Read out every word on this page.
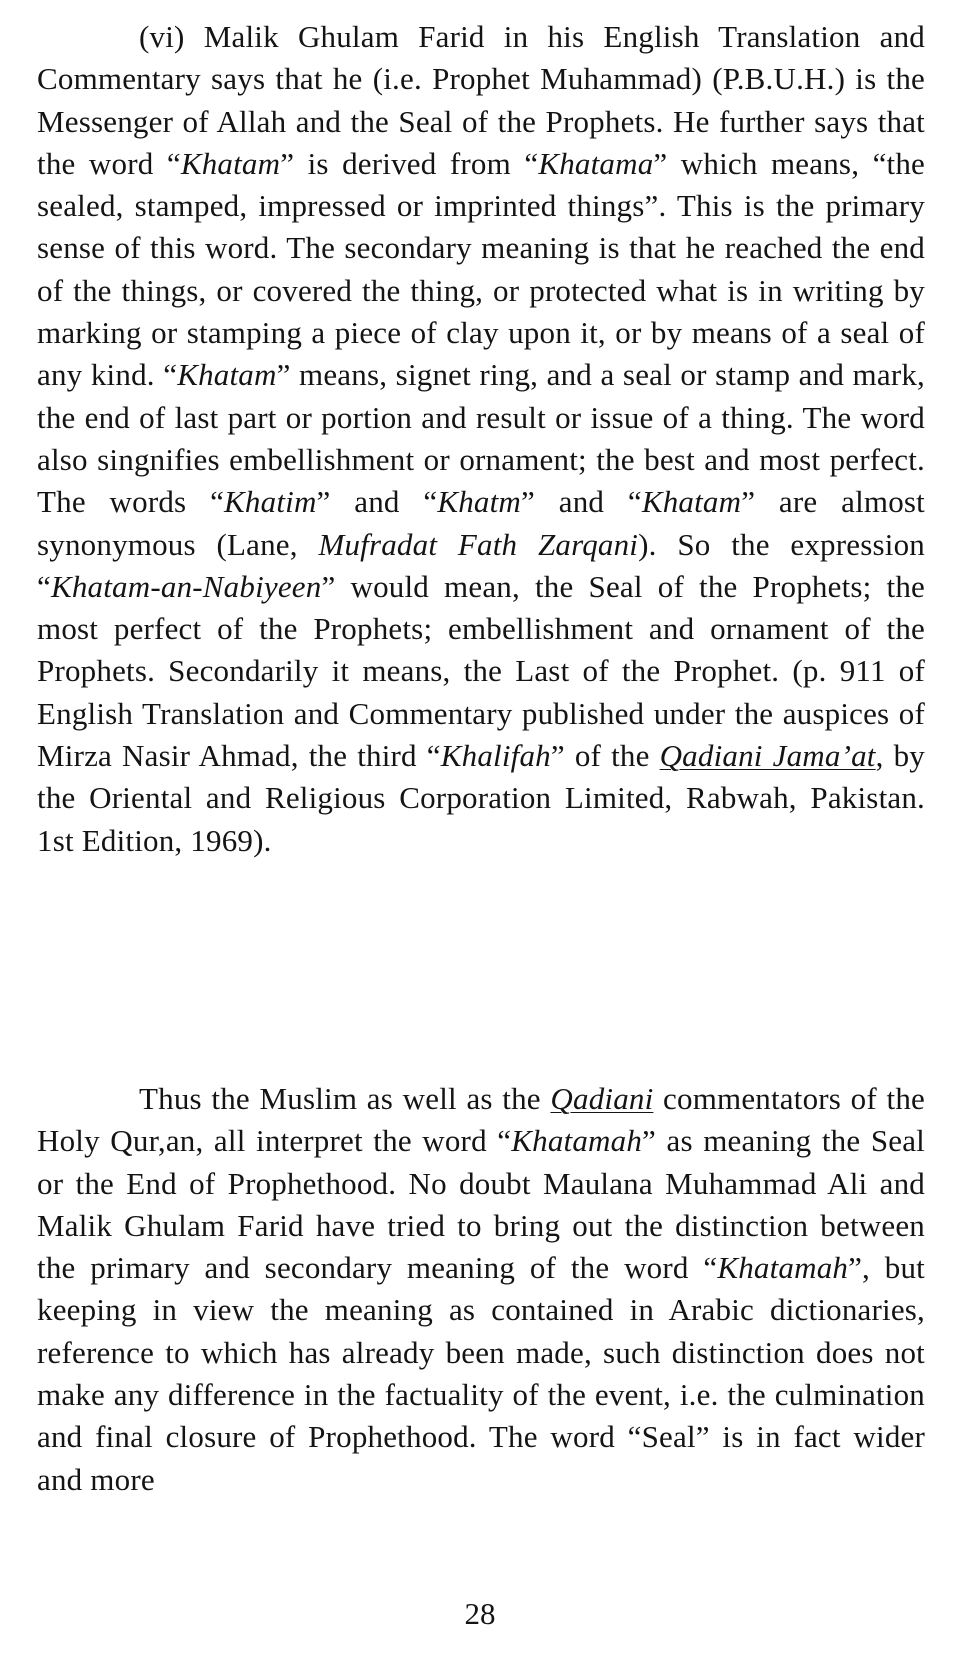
(vi) Malik Ghulam Farid in his English Translation and Commentary says that he (i.e. Prophet Muhammad) (P.B.U.H.) is the Messenger of Allah and the Seal of the Prophets. He further says that the word “Khatam” is derived from “Khatama” which means, “the sealed, stamped, impressed or imprinted things”. This is the primary sense of this word. The secondary meaning is that he reached the end of the things, or covered the thing, or protected what is in writing by marking or stamping a piece of clay upon it, or by means of a seal of any kind. “Khatam” means, signet ring, and a seal or stamp and mark, the end of last part or portion and result or issue of a thing. The word also singnifies embellishment or ornament; the best and most perfect. The words “Khatim” and “Khatm” and “Khatam” are almost synonymous (Lane, Mufradat Fath Zarqani). So the expression “Khatam-an-Nabiyeen” would mean, the Seal of the Prophets; the most perfect of the Prophets; embellishment and ornament of the Prophets. Secondarily it means, the Last of the Prophet. (p. 911 of English Translation and Commentary published under the auspices of Mirza Nasir Ahmad, the third “Khalifah” of the Qadiani Jama’at, by the Oriental and Religious Corporation Limited, Rabwah, Pakistan. 1st Edition, 1969).

Thus the Muslim as well as the Qadiani commentators of the Holy Qur,an, all interpret the word “Khatamah” as meaning the Seal or the End of Prophethood. No doubt Maulana Muhammad Ali and Malik Ghulam Farid have tried to bring out the distinction between the primary and secondary meaning of the word “Khatamah”, but keeping in view the meaning as contained in Arabic dictionaries, reference to which has already been made, such distinction does not make any difference in the factuality of the event, i.e. the culmination and final closure of Prophethood. The word “Seal” is in fact wider and more

28
